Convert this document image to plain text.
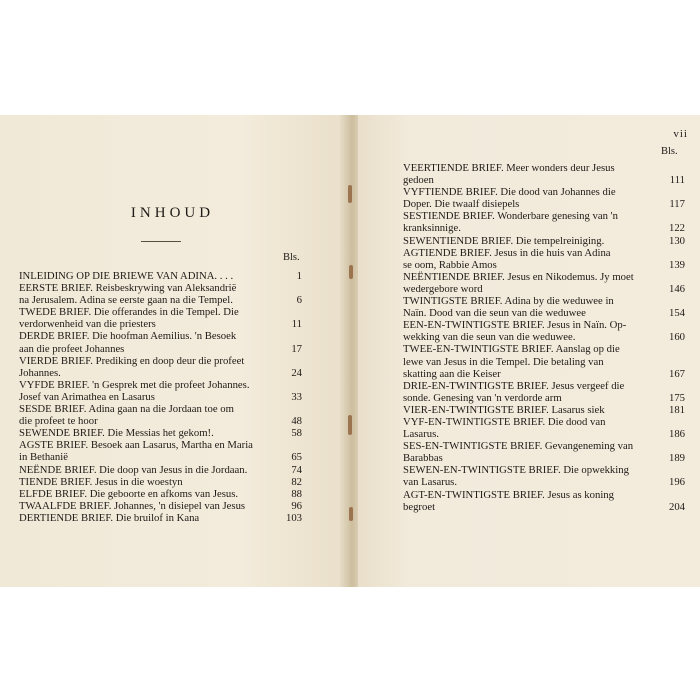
vii
INHOUD
Bls.
Bls.
INLEIDING OP DIE BRIEWE VAN ADINA. . . .	1
EERSTE BRIEF. Reisbeskrywing van Aleksandrië
na Jerusalem. Adina se eerste gaan na die Tempel.	6
TWEDE BRIEF. Die offerandes in die Tempel. Die
verdorwenheid van die priesters	11
DERDE BRIEF. Die hoofman Aemilius. 'n Besoek
aan die profeet Johannes	17
VIERDE BRIEF. Prediking en doop deur die profeet
Johannes.	24
VYFDE BRIEF. 'n Gesprek met die profeet Johannes.
Josef van Arimathea en Lasarus	33
SESDE BRIEF. Adina gaan na die Jordaan toe om
die profeet te hoor	48
SEWENDE BRIEF. Die Messias het gekom!.	58
AGSTE BRIEF. Besoek aan Lasarus, Martha en Maria
in Bethanië	65
NEËNDE BRIEF. Die doop van Jesus in die Jordaan.	74
TIENDE BRIEF. Jesus in die woestyn	82
ELFDE BRIEF. Die geboorte en afkoms van Jesus.	88
TWAALFDE BRIEF. Johannes, 'n disiepel van Jesus	96
DERTIENDE BRIEF. Die bruilof in Kana	103
VEERTIENDE BRIEF. Meer wonders deur Jesus
gedoen	111
VYFTIENDE BRIEF. Die dood van Johannes die
Doper. Die twaalf disiepels	117
SESTIENDE BRIEF. Wonderbare genesing van 'n
kranksinnige.	122
SEWENTIENDE BRIEF. Die tempelreiniging.	130
AGTIENDE BRIEF. Jesus in die huis van Adina
se oom, Rabbie Amos	139
NEËNTIENDE BRIEF. Jesus en Nikodemus. Jy moet
wedergebore word	146
TWINTIGSTE BRIEF. Adina by die weduwee in
Naïn. Dood van die seun van die weduwee	154
EEN-EN-TWINTIGSTE BRIEF. Jesus in Naïn. Op-
wekking van die seun van die weduwee.	160
TWEE-EN-TWINTIGSTE BRIEF. Aanslag op die
lewe van Jesus in die Tempel. Die betaling van
skatting aan die Keiser	167
DRIE-EN-TWINTIGSTE BRIEF. Jesus vergeef die
sonde. Genesing van 'n verdorde arm	175
VIER-EN-TWINTIGSTE BRIEF. Lasarus siek	181
VYF-EN-TWINTIGSTE BRIEF. Die dood van
Lasarus.	186
SES-EN-TWINTIGSTE BRIEF. Gevangeneming van
Barabbas	189
SEWEN-EN-TWINTIGSTE BRIEF. Die opwekking
van Lasarus.	196
AGT-EN-TWINTIGSTE BRIEF. Jesus as koning
begroet	204
